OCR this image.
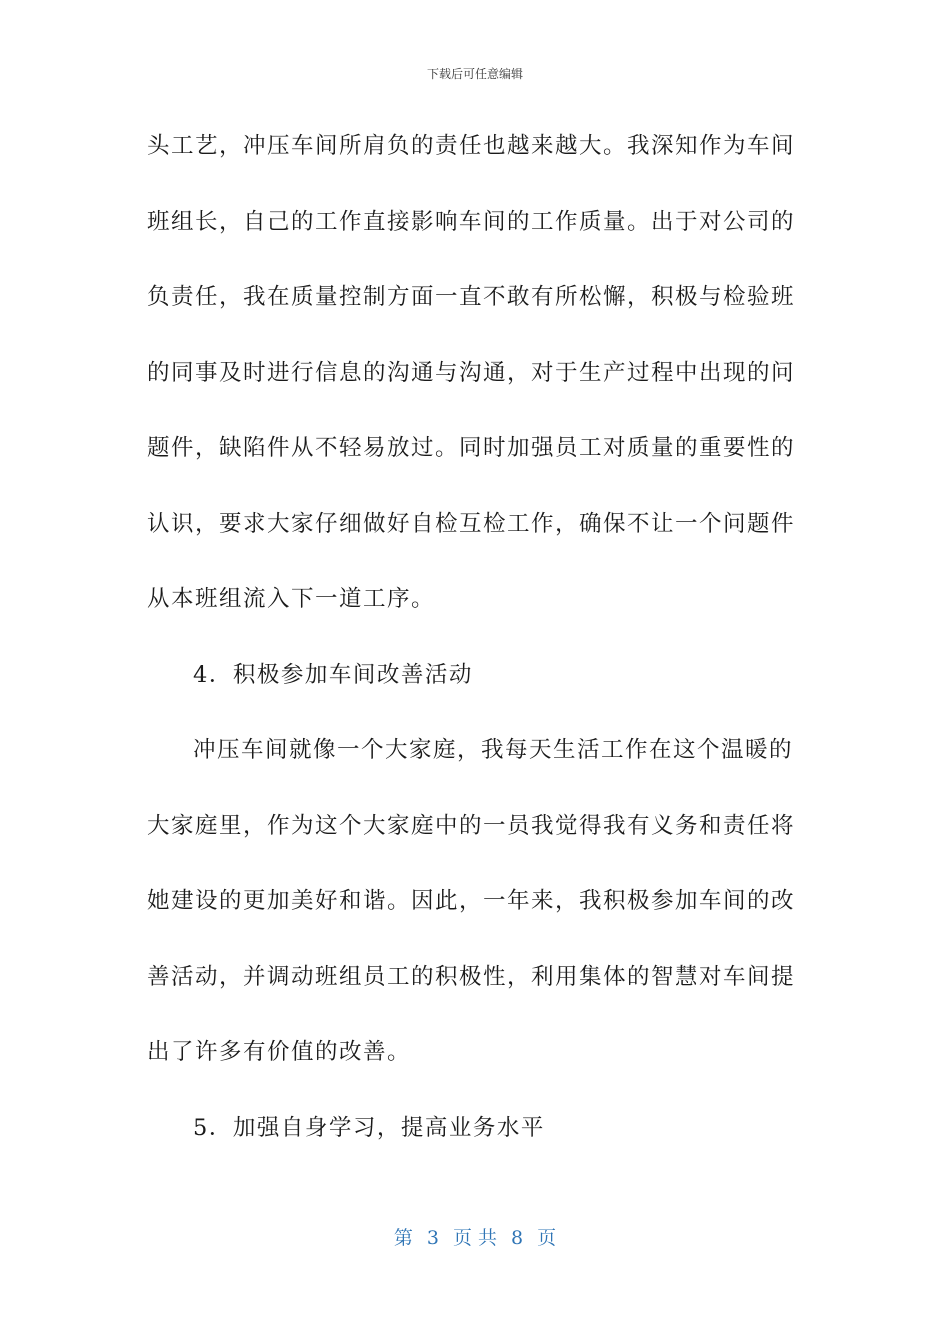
下载后可任意编辑
头工艺，冲压车间所肩负的责任也越来越大。我深知作为车间
班组长，自己的工作直接影响车间的工作质量。出于对公司的
负责任，我在质量控制方面一直不敢有所松懈，积极与检验班
的同事及时进行信息的沟通与沟通，对于生产过程中出现的问
题件，缺陷件从不轻易放过。同时加强员工对质量的重要性的
认识，要求大家仔细做好自检互检工作，确保不让一个问题件
从本班组流入下一道工序。
4．积极参加车间改善活动
冲压车间就像一个大家庭，我每天生活工作在这个温暖的
大家庭里，作为这个大家庭中的一员我觉得我有义务和责任将
她建设的更加美好和谐。因此，一年来，我积极参加车间的改
善活动，并调动班组员工的积极性，利用集体的智慧对车间提
出了许多有价值的改善。
5．加强自身学习，提高业务水平
第 3 页 共 8 页
